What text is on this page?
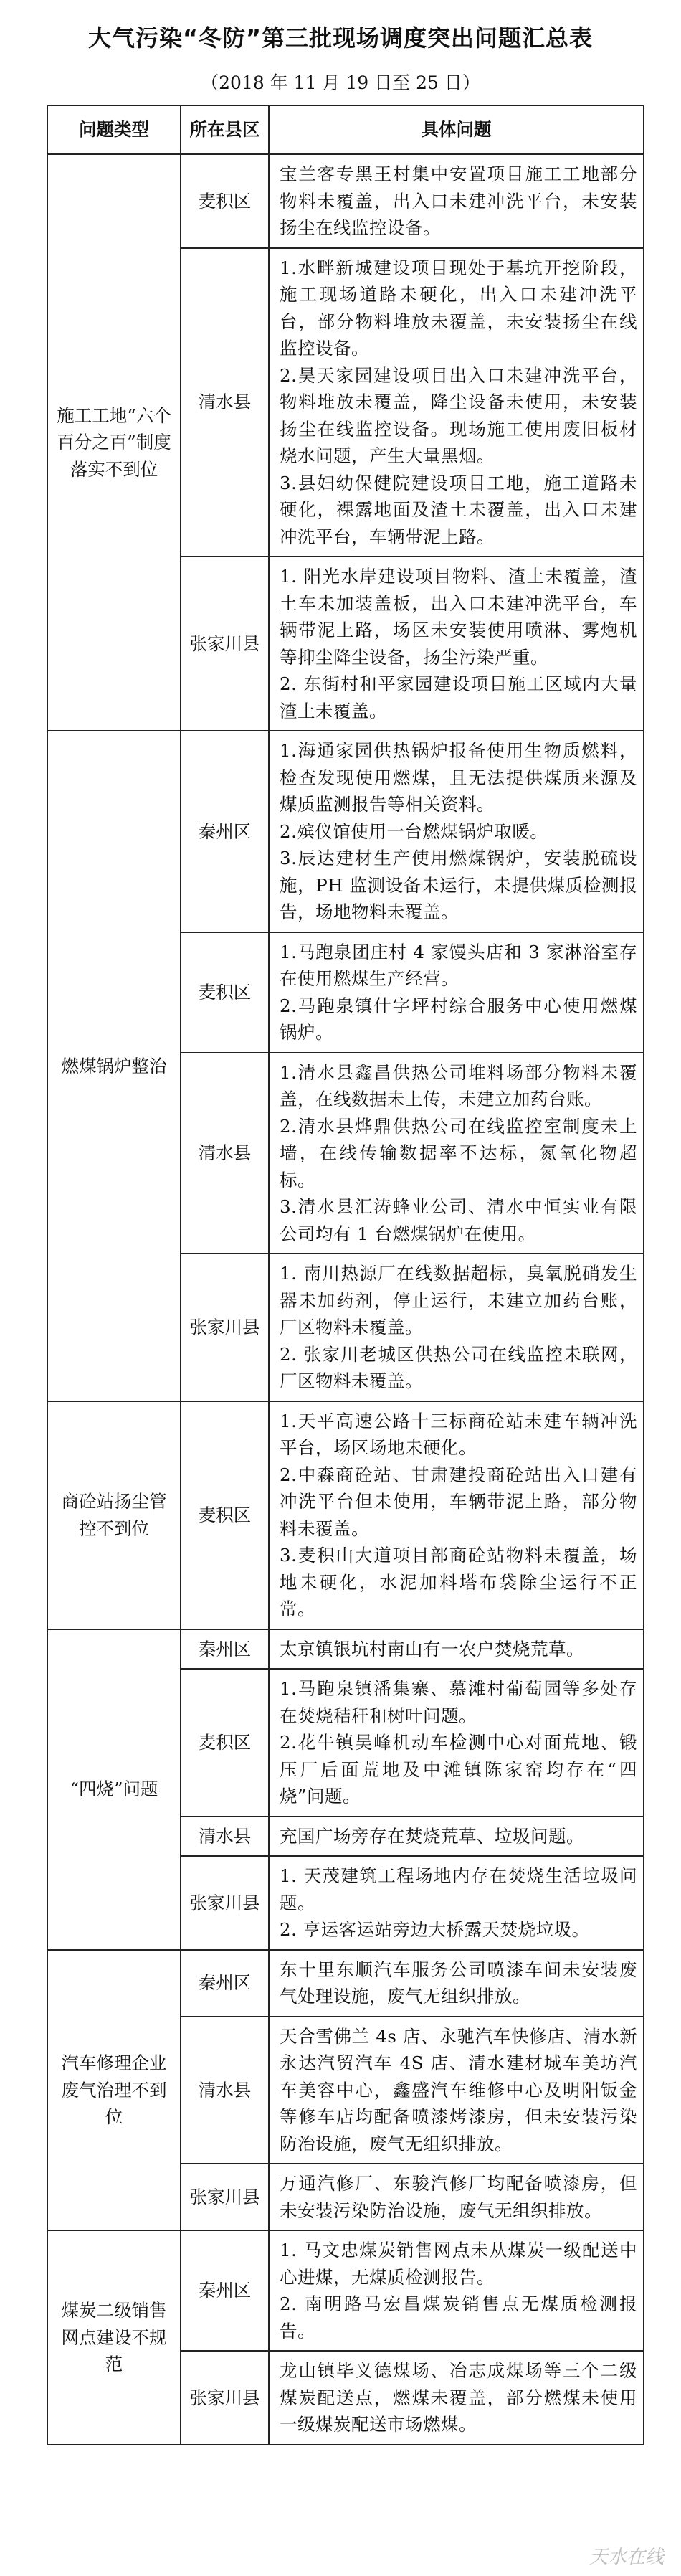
大气污染“冬防”第三批现场调度突出问题汇总表
（2018 年 11 月 19 日至 25 日）
问题类型	所在县区	具体问题
施工工地“六个百分之百”制度落实不到位	麦积区	宝兰客专黑王村集中安置项目施工工地部分物料未覆盖，出入口未建冲洗平台，未安装扬尘在线监控设备。

	清水县	1.水畔新城建设项目现处于基坑开挖阶段，施工现场道路未硬化，出入口未建冲洗平台，部分物料堆放未覆盖，未安装扬尘在线监控设备。
2.昊天家园建设项目出入口未建冲洗平台，物料堆放未覆盖，降尘设备未使用，未安装扬尘在线监控设备。现场施工使用废旧板材烧水问题，产生大量黑烟。
3.县妇幼保健院建设项目工地，施工道路未硬化，裸露地面及渣土未覆盖，出入口未建冲洗平台，车辆带泥上路。

	张家川县	1. 阳光水岸建设项目物料、渣土未覆盖，渣土车未加装盖板，出入口未建冲洗平台，车辆带泥上路，场区未安装使用喷淋、雾炮机等抑尘降尘设备，扬尘污染严重。
2. 东街村和平家园建设项目施工区域内大量渣土未覆盖。

燃煤锅炉整治	秦州区	1.海通家园供热锅炉报备使用生物质燃料，检查发现使用燃煤，且无法提供煤质来源及煤质监测报告等相关资料。
2.殡仪馆使用一台燃煤锅炉取暖。
3.辰达建材生产使用燃煤锅炉，安装脱硫设施，PH 监测设备未运行，未提供煤质检测报告，场地物料未覆盖。

	麦积区	1.马跑泉团庄村 4 家馒头店和 3 家淋浴室存在使用燃煤生产经营。
2.马跑泉镇什字坪村综合服务中心使用燃煤锅炉。

	清水县	1.清水县鑫昌供热公司堆料场部分物料未覆盖，在线数据未上传，未建立加药台账。
2.清水县烨鼎供热公司在线监控室制度未上墙，在线传输数据率不达标，氮氧化物超标。
3.清水县汇涛蜂业公司、清水中恒实业有限公司均有 1 台燃煤锅炉在使用。

	张家川县	1. 南川热源厂在线数据超标，臭氧脱硝发生器未加药剂，停止运行，未建立加药台账，厂区物料未覆盖。
2. 张家川老城区供热公司在线监控未联网，厂区物料未覆盖。

商砼站扬尘管控不到位	麦积区	1.天平高速公路十三标商砼站未建车辆冲洗平台，场区场地未硬化。
2.中森商砼站、甘肃建投商砼站出入口建有冲洗平台但未使用，车辆带泥上路，部分物料未覆盖。
3.麦积山大道项目部商砼站物料未覆盖，场地未硬化，水泥加料塔布袋除尘运行不正常。

“四烧”问题	秦州区	太京镇银坑村南山有一农户焚烧荒草。

	麦积区	1.马跑泉镇潘集寨、慕滩村葡萄园等多处存在焚烧秸秆和树叶问题。
2.花牛镇吴峰机动车检测中心对面荒地、锻压厂后面荒地及中滩镇陈家窑均存在“四烧”问题。

	清水县	充国广场旁存在焚烧荒草、垃圾问题。

	张家川县	1. 天茂建筑工程场地内存在焚烧生活垃圾问题。
2. 亨运客运站旁边大桥露天焚烧垃圾。

汽车修理企业废气治理不到位	秦州区	东十里东顺汽车服务公司喷漆车间未安装废气处理设施，废气无组织排放。

	清水县	天合雪佛兰 4s 店、永驰汽车快修店、清水新永达汽贸汽车 4S 店、清水建材城车美坊汽车美容中心，鑫盛汽车维修中心及明阳钣金等修车店均配备喷漆烤漆房，但未安装污染防治设施，废气无组织排放。

	张家川县	万通汽修厂、东骏汽修厂均配备喷漆房，但未安装污染防治设施，废气无组织排放。

煤炭二级销售网点建设不规范	秦州区	1. 马文忠煤炭销售网点未从煤炭一级配送中心进煤，无煤质检测报告。
2. 南明路马宏昌煤炭销售点无煤质检测报告。

	张家川县	龙山镇毕义德煤场、冶志成煤场等三个二级煤炭配送点，燃煤未覆盖，部分燃煤未使用一级煤炭配送市场燃煤。
天水在线
